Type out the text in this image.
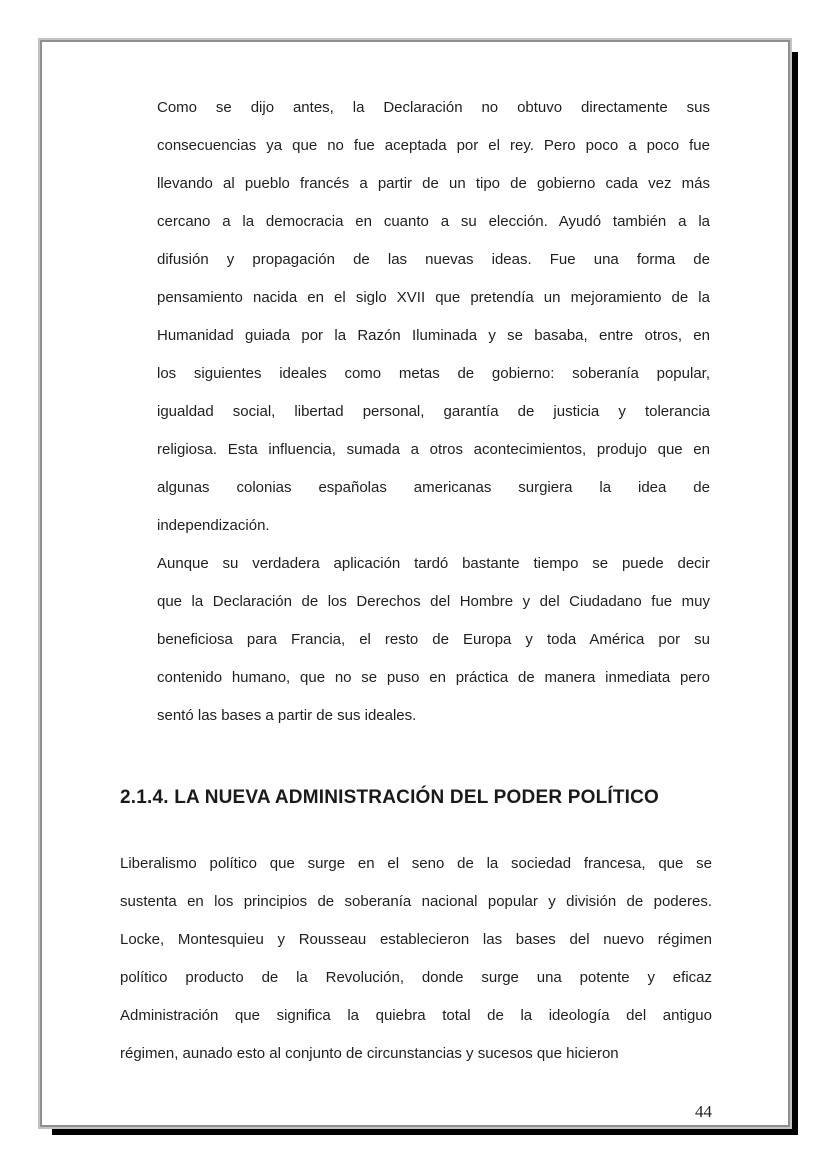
Como se dijo antes, la Declaración no obtuvo directamente sus
consecuencias ya que no fue aceptada por el rey. Pero poco a poco fue
llevando al pueblo francés a partir de un tipo de gobierno cada vez más
cercano a la democracia en cuanto a su elección. Ayudó también a la
difusión y propagación de las nuevas ideas. Fue una forma de
pensamiento nacida en el siglo XVII que pretendía un mejoramiento de la
Humanidad guiada por la Razón Iluminada y se basaba, entre otros, en
los siguientes ideales como metas de gobierno: soberanía popular,
igualdad social, libertad personal, garantía de justicia y tolerancia
religiosa. Esta influencia, sumada a otros acontecimientos, produjo que en
algunas colonias españolas americanas surgiera la idea de
independización.
Aunque su verdadera aplicación tardó bastante tiempo se puede decir
que la Declaración de los Derechos del Hombre y del Ciudadano fue muy
beneficiosa para Francia, el resto de Europa y toda América por su
contenido humano, que no se puso en práctica de manera inmediata pero
sentó las bases a partir de sus ideales.
2.1.4. LA NUEVA ADMINISTRACIÓN DEL PODER POLÍTICO
Liberalismo político que surge en el seno de la sociedad francesa, que se
sustenta en los principios de soberanía nacional popular y división de poderes.
Locke, Montesquieu y Rousseau establecieron las bases del nuevo régimen
político producto de la Revolución, donde surge una potente y eficaz
Administración que significa la quiebra total de la ideología del antiguo
régimen, aunado esto al conjunto de circunstancias y sucesos que hicieron
44
